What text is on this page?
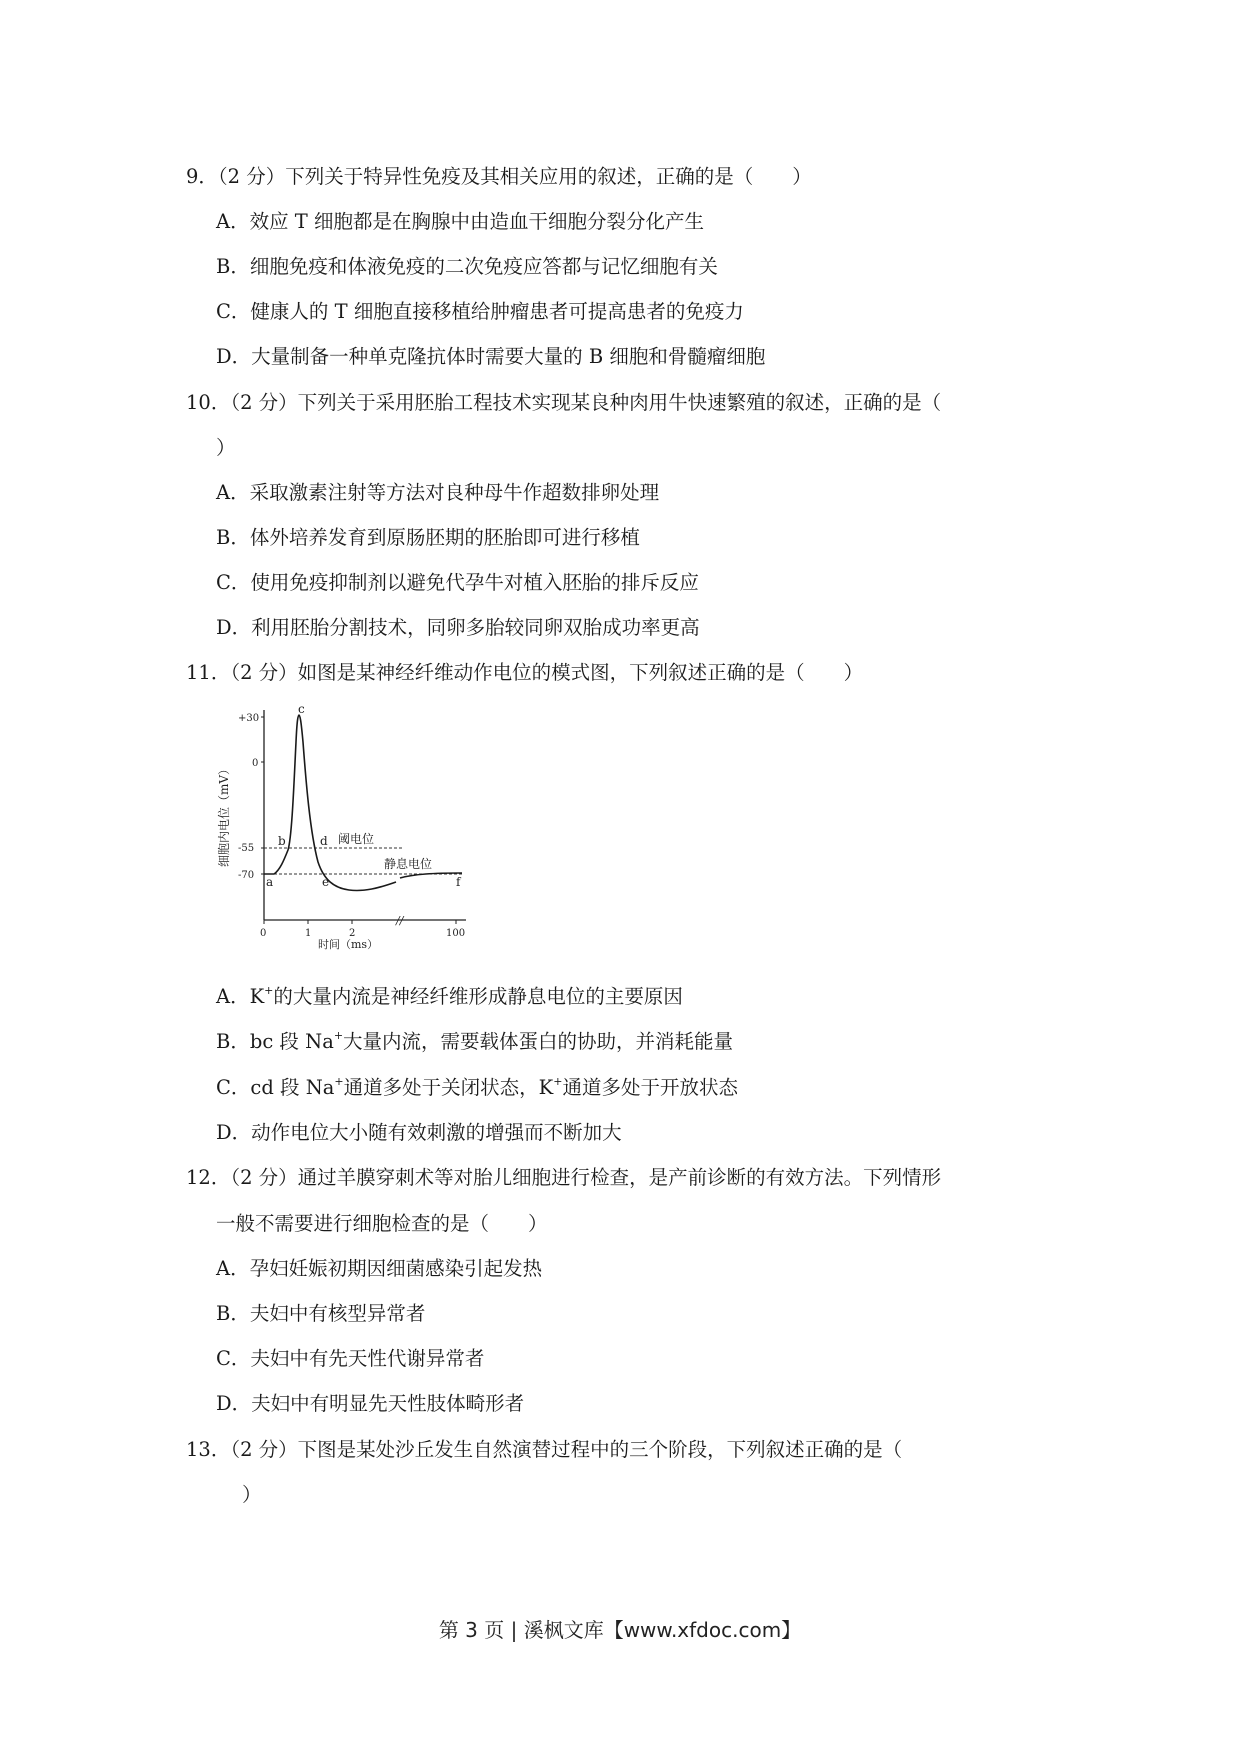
9．（2 分）下列关于特异性免疫及其相关应用的叙述，正确的是（　　）
A．效应 T 细胞都是在胸腺中由造血干细胞分裂分化产生
B．细胞免疫和体液免疫的二次免疫应答都与记忆细胞有关
C．健康人的 T 细胞直接移植给肿瘤患者可提高患者的免疫力
D．大量制备一种单克隆抗体时需要大量的 B 细胞和骨髓瘤细胞
10．（2 分）下列关于采用胚胎工程技术实现某良种肉用牛快速繁殖的叙述，正确的是（
）
A．采取激素注射等方法对良种母牛作超数排卵处理
B．体外培养发育到原肠胚期的胚胎即可进行移植
C．使用免疫抑制剂以避免代孕牛对植入胚胎的排斥反应
D．利用胚胎分割技术，同卵多胎较同卵双胎成功率更高
11．（2 分）如图是某神经纤维动作电位的模式图，下列叙述正确的是（　　）
细胞内电位（mV）
+30
0
-55
-70
//
0	1	2	100
时间（ms）
阈电位
静息电位
a
b
c
d
e	f
A．K+的大量内流是神经纤维形成静息电位的主要原因
B．bc 段 Na+大量内流，需要载体蛋白的协助，并消耗能量
C．cd 段 Na+通道多处于关闭状态，K+通道多处于开放状态
D．动作电位大小随有效刺激的增强而不断加大
12．（2 分）通过羊膜穿刺术等对胎儿细胞进行检查，是产前诊断的有效方法。下列情形
一般不需要进行细胞检查的是（　　）
A．孕妇妊娠初期因细菌感染引起发热
B．夫妇中有核型异常者
C．夫妇中有先天性代谢异常者
D．夫妇中有明显先天性肢体畸形者
13．（2 分）下图是某处沙丘发生自然演替过程中的三个阶段，下列叙述正确的是（
）
第 3 页 | 溪枫文库【www.xfdoc.com】
